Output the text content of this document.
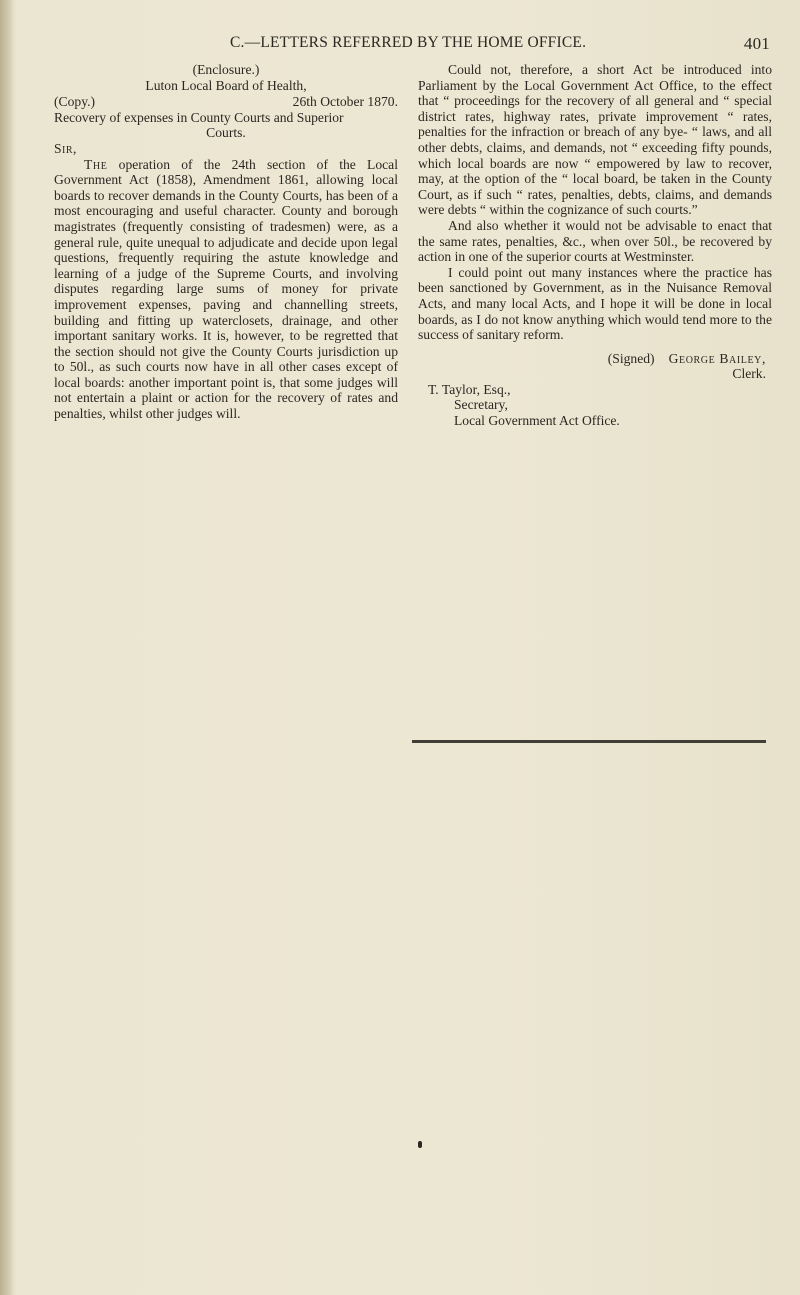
C.—LETTERS REFERRED BY THE HOME OFFICE.	401

(Enclosure.)

Luton Local Board of Health,

(Copy.)	26th October 1870.

Recovery of expenses in County Courts and Superior
Courts.

Sir,

The operation of the 24th section of the Local Government Act (1858), Amendment 1861, allowing local boards to recover demands in the County Courts, has been of a most encouraging and useful character. County and borough magistrates (frequently consisting of tradesmen) were, as a general rule, quite unequal to adjudicate and decide upon legal questions, frequently requiring the astute knowledge and learning of a judge of the Supreme Courts, and involving disputes regarding large sums of money for private improvement expenses, paving and channelling streets, building and fitting up waterclosets, drainage, and other important sanitary works. It is, however, to be regretted that the section should not give the County Courts jurisdiction up to 50l., as such courts now have in all other cases except of local boards: another important point is, that some judges will not entertain a plaint or action for the recovery of rates and penalties, whilst other judges will.

Could not, therefore, a short Act be introduced into Parliament by the Local Government Act Office, to the effect that “ proceedings for the recovery of all general and “ special district rates, highway rates, private improvement “ rates, penalties for the infraction or breach of any bye- “ laws, and all other debts, claims, and demands, not “ exceeding fifty pounds, which local boards are now “ empowered by law to recover, may, at the option of the “ local board, be taken in the County Court, as if such “ rates, penalties, debts, claims, and demands were debts “ within the cognizance of such courts.”

And also whether it would not be advisable to enact that the same rates, penalties, &c., when over 50l., be recovered by action in one of the superior courts at Westminster.

I could point out many instances where the practice has been sanctioned by Government, as in the Nuisance Removal Acts, and many local Acts, and I hope it will be done in local boards, as I do not know anything which would tend more to the success of sanitary reform.

(Signed) George Bailey,

Clerk.

T. Taylor, Esq.,

Secretary,

Local Government Act Office.
